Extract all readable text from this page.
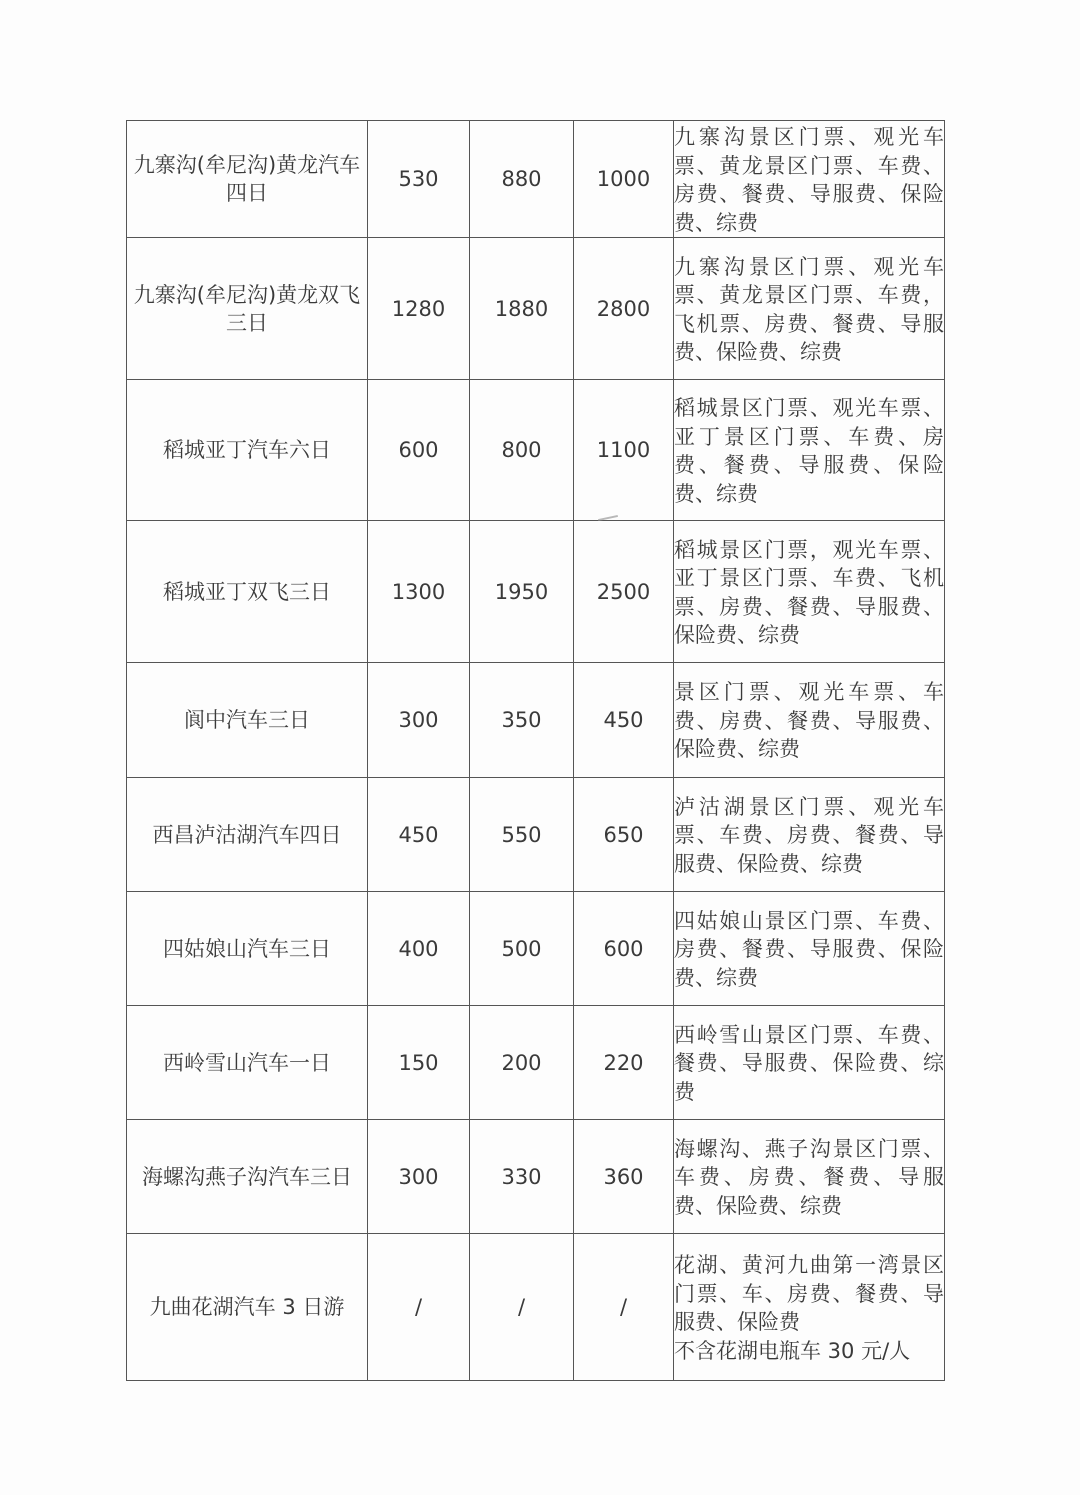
九寨沟(牟尼沟)黄龙汽车四日	530	880	1000	九寨沟景区门票、观光车票、黄龙景区门票、车费、房费、餐费、导服费、保险费、综费

九寨沟(牟尼沟)黄龙双飞三日	1280	1880	2800	九寨沟景区门票、观光车票、黄龙景区门票、车费，飞机票、房费、餐费、导服费、保险费、综费

稻城亚丁汽车六日	600	800	1100	稻城景区门票、观光车票、亚丁景区门票、车费、房费、餐费、导服费、保险费、综费

稻城亚丁双飞三日	1300	1950	2500	稻城景区门票，观光车票、亚丁景区门票、车费、飞机票、房费、餐费、导服费、保险费、综费

阆中汽车三日	300	350	450	景区门票、观光车票、车费、房费、餐费、导服费、保险费、综费

西昌泸沽湖汽车四日	450	550	650	泸沽湖景区门票、观光车票、车费、房费、餐费、导服费、保险费、综费

四姑娘山汽车三日	400	500	600	四姑娘山景区门票、车费、房费、餐费、导服费、保险费、综费

西岭雪山汽车一日	150	200	220	西岭雪山景区门票、车费、餐费、导服费、保险费、综费

海螺沟燕子沟汽车三日	300	330	360	海螺沟、燕子沟景区门票、车费、房费、餐费、导服费、保险费、综费

九曲花湖汽车 3 日游	/	/	/	花湖、黄河九曲第一湾景区门票、车、房费、餐费、导服费、保险费
不含花湖电瓶车 30 元/人
